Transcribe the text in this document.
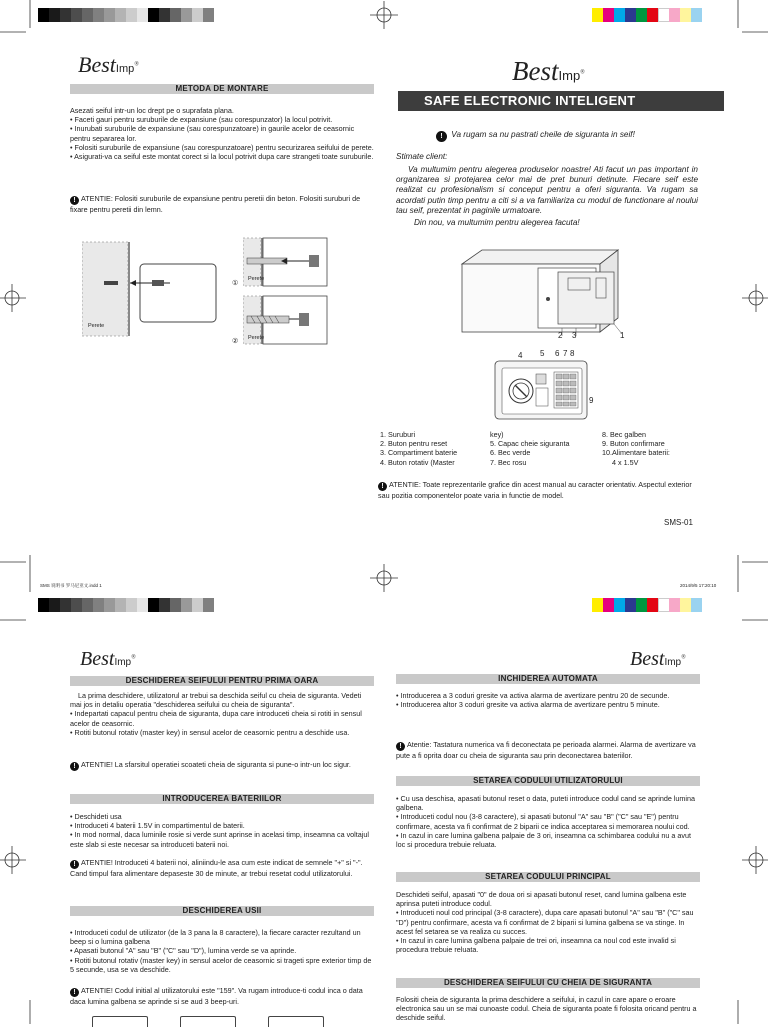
BestImp®
METODA DE MONTARE

Asezati seiful intr-un loc drept pe o suprafata plana.

• Faceti gauri pentru suruburile de expansiune (sau corespunzator) la locul potrivit.

• Inurubati suruburile de expansiune (sau corespunzatoare) in gaurile acelor de ceasornic pentru separarea lor.

• Folositi suruburile de expansiune (sau corespunzatoare) pentru securizarea seifului de perete.

• Asigurati-va ca seiful este montat corect si la locul potrivit dupa care strangeti toate suruburile.

! ATENTIE: Folositi suruburile de expansiune pentru peretii din beton. Folositi suruburi de fixare pentru peretii din lemn.
Perete
Perete
①
Perete
②
BestImp®
SAFE ELECTRONIC INTELIGENT
! Va rugam sa nu pastrati cheile de siguranta in seif!
Stimate client:
Va multumim pentru alegerea produselor noastre! Ati facut un pas important in organizarea si protejarea celor mai de pret bunuri detinute. Fiecare seif este realizat cu profesionalism si conceput pentru a oferi siguranta. Va rugam sa acordati putin timp pentru a citi si a va familiariza cu modul de functionare al noului tau seif, prezentat in paginile urmatoare.
Din nou, va multumim pentru alegerea facuta!
2 3	1
4 5 6 7 8
9

1. Suruburi

2. Buton pentru reset

3. Compartiment baterie

4. Buton rotativ (Master

key)

5. Capac cheie siguranta

6. Bec verde

7. Bec rosu

8. Bec galben

9. Buton confirmare

10.Alimentare baterii:

4 x 1.5V

! ATENTIE: Toate reprezentarile grafice din acest manual au caracter orientativ. Aspectul exterior sau pozitia componentelor poate varia in functie de model.
SMS-01
SMS 说明书 罗马尼亚文.indd 1	2014/9/5 17:20:10
BestImp®
DESCHIDEREA SEIFULUI PENTRU PRIMA OARA

La prima deschidere, utilizatorul ar trebui sa deschida seiful cu cheia de siguranta. Vedeti mai jos in detaliu operatia "deschiderea seifului cu cheia de siguranta".

• Indepartati capacul pentru cheia de siguranta, dupa care introduceti cheia si rotiti in sensul acelor de ceasornic.

• Rotiti butonul rotativ (master key) in sensul acelor de ceasornic pentru a deschide usa.

! ATENTIE! La sfarsitul operatiei scoateti cheia de siguranta si pune-o intr-un loc sigur.
INTRODUCEREA BATERIILOR

• Deschideti usa

• Introduceti 4 baterii 1.5V in compartimentul de baterii.

• In mod normal, daca luminile rosie si verde sunt aprinse in acelasi timp, inseamna ca voltajul este slab si este necesar sa introduceti baterii noi.

! ATENTIE! Introduceti 4 baterii noi, aliniindu-le asa cum este indicat de semnele "+" si "-". Cand timpul fara alimentare depaseste 30 de minute, ar trebui resetat codul utilizatorului.
DESCHIDEREA USII

• Introduceti codul de utilizator (de la 3 pana la 8 caractere), la fiecare caracter rezultand un beep si o lumina galbena

• Apasati butonul "A" sau "B" ("C" sau "D"), lumina verde se va aprinde.

• Rotiti butonul rotativ (master key) in sensul acelor de ceasornic si trageti spre exterior timp de 5 secunde, usa se va deschide.

! ATENTIE! Codul initial al utilizatorului este "159". Va rugam introduce-ti codul inca o data daca lumina galbena se aprinde si se aud 3 beep-uri.
BestImp®
INCHIDEREA AUTOMATA

• Introducerea a 3 coduri gresite va activa alarma de avertizare pentru 20 de secunde.

• Introducerea altor 3 coduri gresite va activa alarma de avertizare pentru 5 minute.

! Atentie: Tastatura numerica va fi deconectata pe perioada alarmei. Alarma de avertizare va pute a fi oprita doar cu cheia de siguranta sau prin deconectarea bateriilor.
SETAREA CODULUI UTILIZATORULUI

• Cu usa deschisa, apasati butonul reset o data, puteti introduce codul cand se aprinde lumina galbena.

• Introduceti codul nou (3-8 caractere), si apasati butonul "A" sau "B" ("C" sau "E") pentru confirmare, acesta va fi confirmat de 2 biparii ce indica acceptarea si memorarea noului cod.

• In cazul in care lumina galbena palpaie de 3 ori, inseamna ca schimbarea codului nu a avut loc si procedura trebuie reluata.

SETAREA CODULUI PRINCIPAL

Deschideti seiful, apasati "0" de doua ori si apasati butonul reset, cand lumina galbena este aprinsa puteti introduce codul.

• Introduceti noul cod principal (3-8 caractere), dupa care apasati butonul "A" sau "B" ("C" sau "D") pentru confirmare, acesta va fi confirmat de 2 biparii si lumina galbena se va stinge. In acest fel setarea se va realiza cu succes.

• In cazul in care lumina galbena palpaie de trei ori, inseamna ca noul cod este invalid si procedura trebuie reluata.

DESCHIDEREA SEIFULUI CU CHEIA DE SIGURANTA

Folositi cheia de siguranta la prima deschidere a seifului, in cazul in care apare o eroare electronica sau un se mai cunoaste codul. Cheia de siguranta poate fi folosita oricand pentru a deschide seiful.
